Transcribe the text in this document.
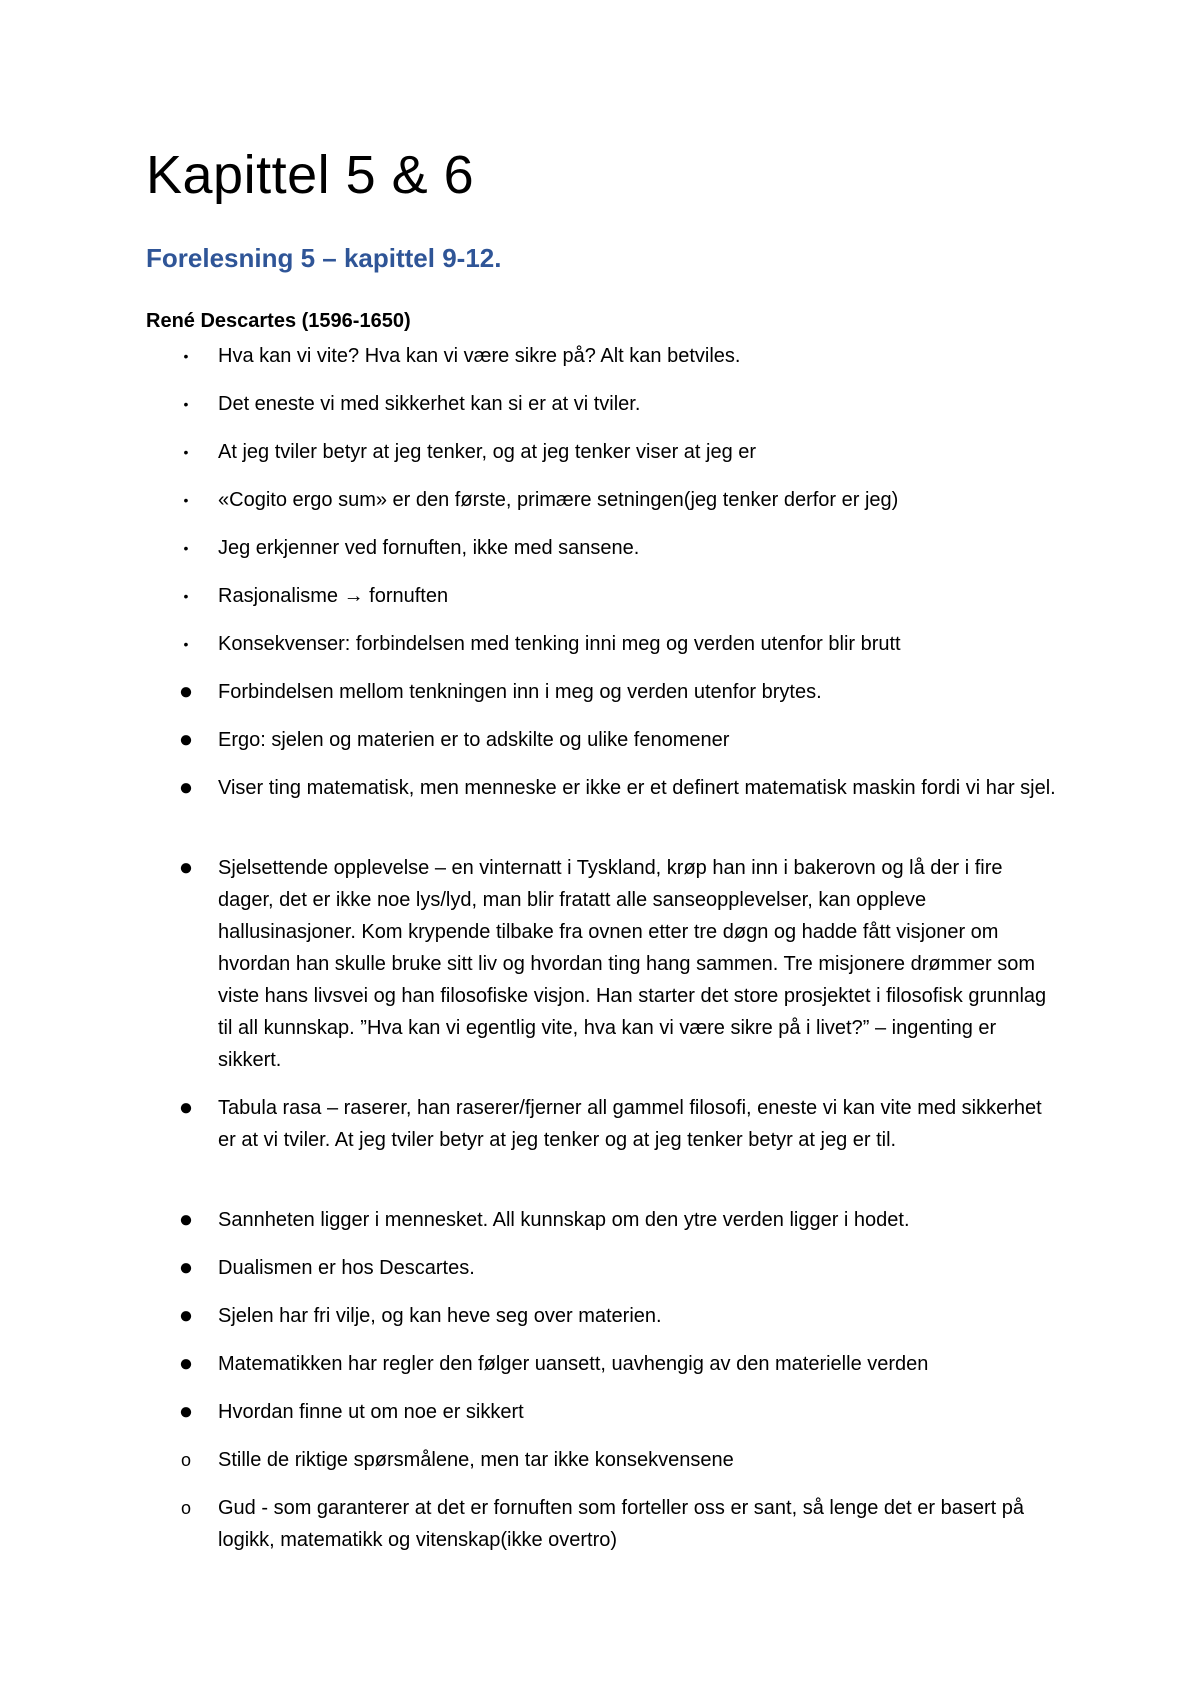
Kapittel 5 & 6
Forelesning 5 – kapittel 9-12.
René Descartes (1596-1650)
•	Hva kan vi vite? Hva kan vi være sikre på? Alt kan betviles.
•	Det eneste vi med sikkerhet kan si er at vi tviler.
•	At jeg tviler betyr at jeg tenker, og at jeg tenker viser at jeg er
•	«Cogito ergo sum» er den første, primære setningen(jeg tenker derfor er jeg)
•	Jeg erkjenner ved fornuften, ikke med sansene.
•	Rasjonalisme → fornuften
•	Konsekvenser: forbindelsen med tenking inni meg og verden utenfor blir brutt
● Forbindelsen mellom tenkningen inn i meg og verden utenfor brytes.
● Ergo: sjelen og materien er to adskilte og ulike fenomener
● Viser ting matematisk, men menneske er ikke er et definert matematisk maskin fordi vi har sjel.
● Sjelsettende opplevelse – en vinternatt i Tyskland, krøp han inn i bakerovn og lå der i fire dager, det er ikke noe lys/lyd, man blir fratatt alle sanseopplevelser, kan oppleve hallusinasjoner. Kom krypende tilbake fra ovnen etter tre døgn og hadde fått visjoner om hvordan han skulle bruke sitt liv og hvordan ting hang sammen. Tre misjonere drømmer som viste hans livsvei og han filosofiske visjon. Han starter det store prosjektet i filosofisk grunnlag til all kunnskap. ”Hva kan vi egentlig vite, hva kan vi være sikre på i livet?” – ingenting er sikkert.
● Tabula rasa – raserer, han raserer/fjerner all gammel filosofi, eneste vi kan vite med sikkerhet er at vi tviler. At jeg tviler betyr at jeg tenker og at jeg tenker betyr at jeg er til.
● Sannheten ligger i mennesket. All kunnskap om den ytre verden ligger i hodet.
● Dualismen er hos Descartes.
● Sjelen har fri vilje, og kan heve seg over materien.
● Matematikken har regler den følger uansett, uavhengig av den materielle verden
● Hvordan finne ut om noe er sikkert
o Stille de riktige spørsmålene, men tar ikke konsekvensene
o Gud - som garanterer at det er fornuften som forteller oss er sant, så lenge det er basert på logikk, matematikk og vitenskap(ikke overtro)
